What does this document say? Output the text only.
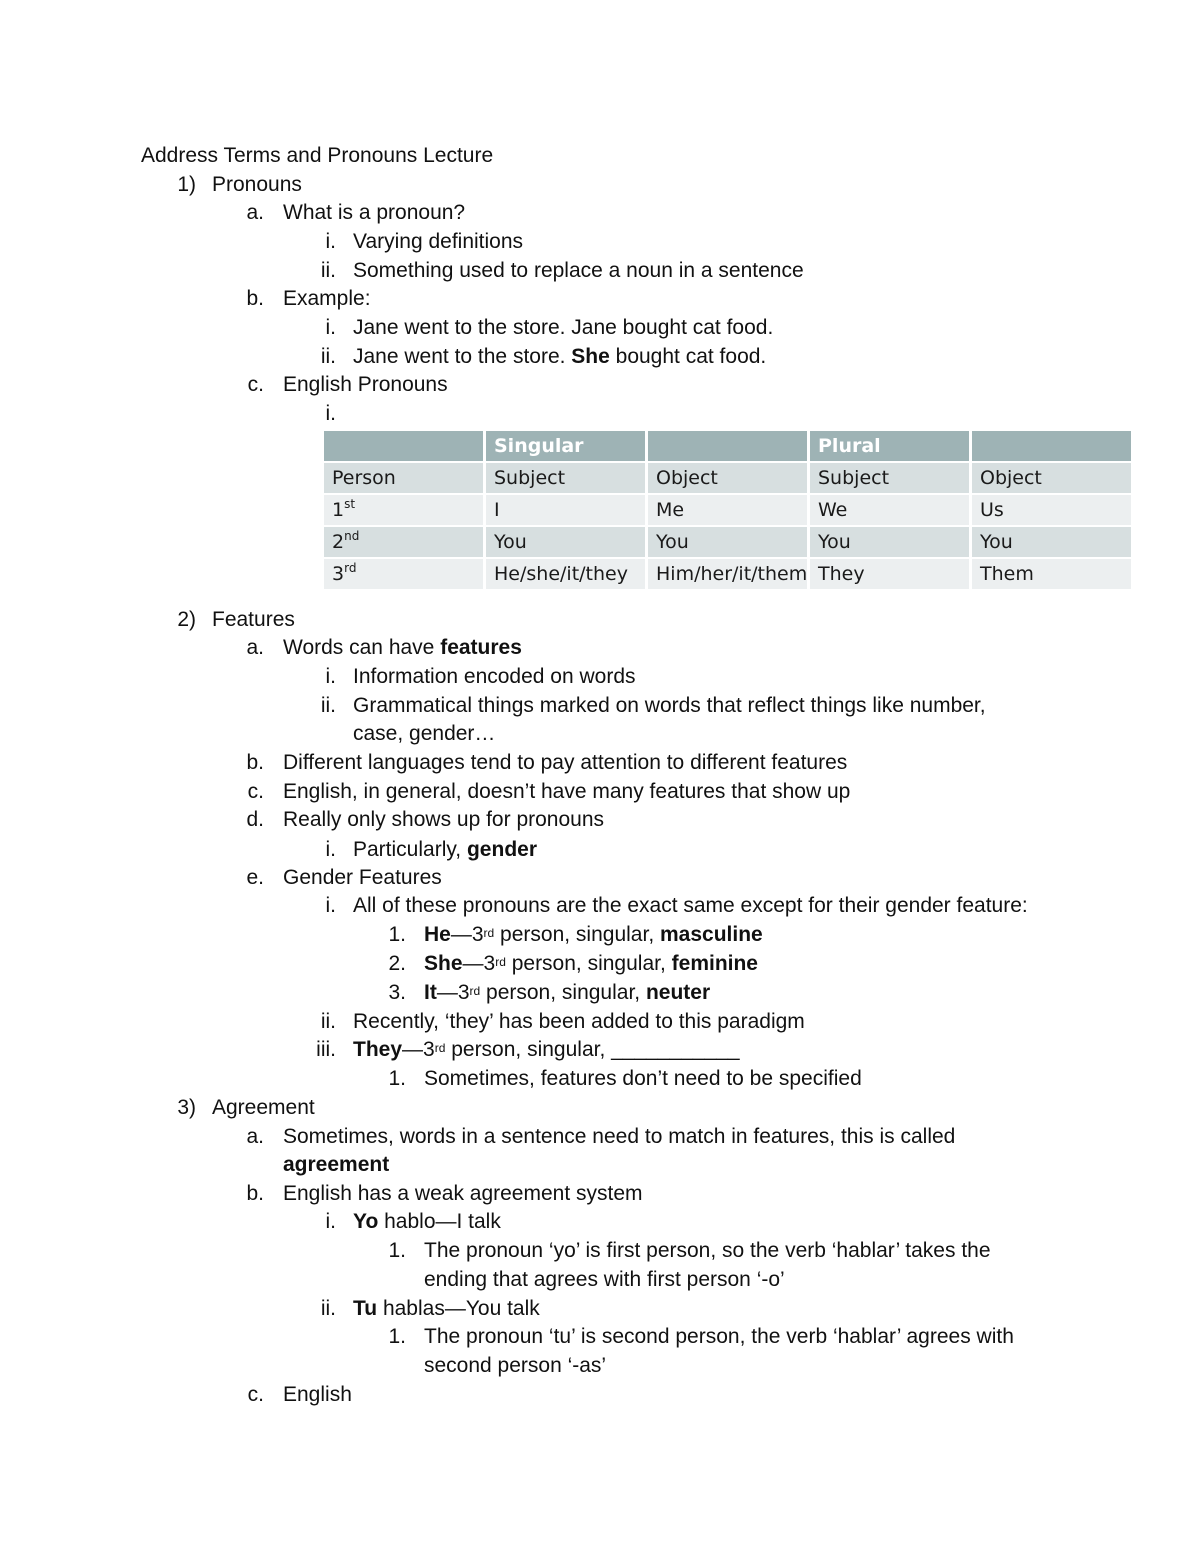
Address Terms and Pronouns Lecture
1) Pronouns
a. What is a pronoun?
i. Varying definitions
ii. Something used to replace a noun in a sentence
b. Example:
i. Jane went to the store. Jane bought cat food.
ii. Jane went to the store. She bought cat food.
c. English Pronouns
i.
	Singular		Plural	
Person	Subject	Object	Subject	Object
1st	I	Me	We	Us
2nd	You	You	You	You
3rd	He/she/it/they	Him/her/it/them	They	Them
2) Features
a. Words can have features
i. Information encoded on words
ii. Grammatical things marked on words that reflect things like number,
case, gender…
b. Different languages tend to pay attention to different features
c. English, in general, doesn’t have many features that show up
d. Really only shows up for pronouns
i. Particularly, gender
e. Gender Features
i. All of these pronouns are the exact same except for their gender feature:
1. He—3rd person, singular, masculine
2. She—3rd person, singular, feminine
3. It—3rd person, singular, neuter
ii. Recently, ‘they’ has been added to this paradigm
iii. They—3rd person, singular, ___________
1. Sometimes, features don’t need to be specified
3) Agreement
a. Sometimes, words in a sentence need to match in features, this is called
agreement
b. English has a weak agreement system
i. Yo hablo—I talk
1. The pronoun ‘yo’ is first person, so the verb ‘hablar’ takes the
ending that agrees with first person ‘-o’
ii. Tu hablas—You talk
1. The pronoun ‘tu’ is second person, the verb ‘hablar’ agrees with
second person ‘-as’
c. English
